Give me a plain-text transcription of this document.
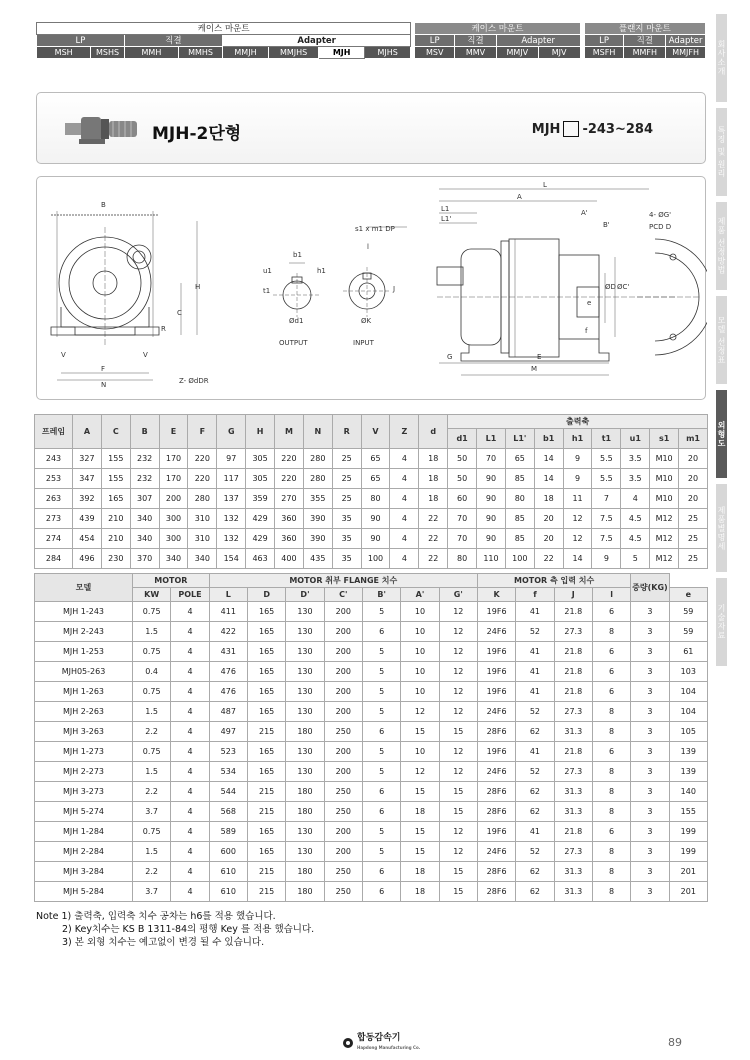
케이스 마운트									케이스 마운트					플랜지 마운트		
LP		직결		Adapter					LP	직결	Adapter			LP	직결	Adapter
MSH	MSHS	MMH	MMHS	MMJH	MMJHS	MJH	MJHS		MSV	MMV	MMJV	MJV		MSFH	MMFH	MMJFH 회사소개
특징 및 원리
제품 선정방법
모델 선정표
외형도
제품별명세
기술자료
MJH-2단형	MJH -243~284
B
H
C
R
V	V
F
N	Z- ØdDR
b1
u1
t1
h1
Ød1
OUTPUT
s1 x m1 DP
l
J
ØK
INPUT
L
A
L1
L1'
A'
B'
G	E
M
ØD ØC'
e
f
4- ØG'
PCD D
프레임	A	C	B	E	F	G	H	M	N	R	V	Z	d	출력축								
														d1	L1	L1'	b1	h1	t1	u1	s1	m1
243	327	155	232	170	220	97	305	220	280	25	65	4	18	50	70	65	14	9	5.5	3.5	M10	20
253	347	155	232	170	220	117	305	220	280	25	65	4	18	50	90	85	14	9	5.5	3.5	M10	20
263	392	165	307	200	280	137	359	270	355	25	80	4	18	60	90	80	18	11	7	4	M10	20
273	439	210	340	300	310	132	429	360	390	35	90	4	22	70	90	85	20	12	7.5	4.5	M12	25
274	454	210	340	300	310	132	429	360	390	35	90	4	22	70	90	85	20	12	7.5	4.5	M12	25
284	496	230	370	340	340	154	463	400	435	35	100	4	22	80	110	100	22	14	9	5	M12	25
모델	MOTOR		MOTOR 취부 FLANGE 치수							MOTOR 측 입력 치수				중량(KG)	
	KW	POLE	L	D	D'	C'	B'	A'	G'	K	f	J	l		e
MJH 1-243	0.75	4	411	165	130	200	5	10	12	19F6	41	21.8	6	3	59
MJH 2-243	1.5	4	422	165	130	200	6	10	12	24F6	52	27.3	8	3	59
MJH 1-253	0.75	4	431	165	130	200	5	10	12	19F6	41	21.8	6	3	61
MJH05-263	0.4	4	476	165	130	200	5	10	12	19F6	41	21.8	6	3	103
MJH 1-263	0.75	4	476	165	130	200	5	10	12	19F6	41	21.8	6	3	104
MJH 2-263	1.5	4	487	165	130	200	5	12	12	24F6	52	27.3	8	3	104
MJH 3-263	2.2	4	497	215	180	250	6	15	15	28F6	62	31.3	8	3	105
MJH 1-273	0.75	4	523	165	130	200	5	10	12	19F6	41	21.8	6	3	139
MJH 2-273	1.5	4	534	165	130	200	5	12	12	24F6	52	27.3	8	3	139
MJH 3-273	2.2	4	544	215	180	250	6	15	15	28F6	62	31.3	8	3	140
MJH 5-274	3.7	4	568	215	180	250	6	18	15	28F6	62	31.3	8	3	155
MJH 1-284	0.75	4	589	165	130	200	5	15	12	19F6	41	21.8	6	3	199
MJH 2-284	1.5	4	600	165	130	200	5	15	12	24F6	52	27.3	8	3	199
MJH 3-284	2.2	4	610	215	180	250	6	18	15	28F6	62	31.3	8	3	201
MJH 5-284	3.7	4	610	215	180	250	6	18	15	28F6	62	31.3	8	3	201
Note 1) 출력축, 입력축 치수 공차는 h6를 적용 했습니다.
2) Key치수는 KS B 1311-84의 평행 Key 를 적용 했습니다.
3) 본 외형 치수는 예고없이 변경 될 수 있습니다.
합동감속기
Hapdong Manufacturing Co.	89
